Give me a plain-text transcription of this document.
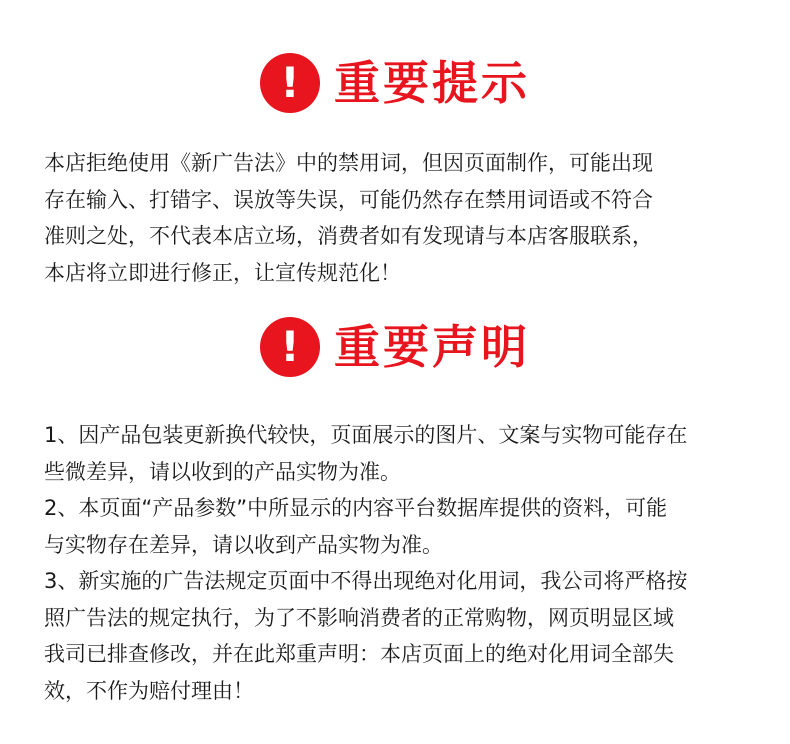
! 重要提示
本店拒绝使用《新广告法》中的禁用词，但因页面制作，可能出现
存在输入、打错字、误放等失误，可能仍然存在禁用词语或不符合
准则之处，不代表本店立场，消费者如有发现请与本店客服联系，
本店将立即进行修正，让宣传规范化！
! 重要声明
1、因产品包装更新换代较快，页面展示的图片、文案与实物可能存在
些微差异，请以收到的产品实物为准。
2、本页面“产品参数”中所显示的内容平台数据库提供的资料，可能
与实物存在差异，请以收到产品实物为准。
3、新实施的广告法规定页面中不得出现绝对化用词，我公司将严格按
照广告法的规定执行，为了不影响消费者的正常购物，网页明显区域
我司已排查修改，并在此郑重声明：本店页面上的绝对化用词全部失
效，不作为赔付理由！
